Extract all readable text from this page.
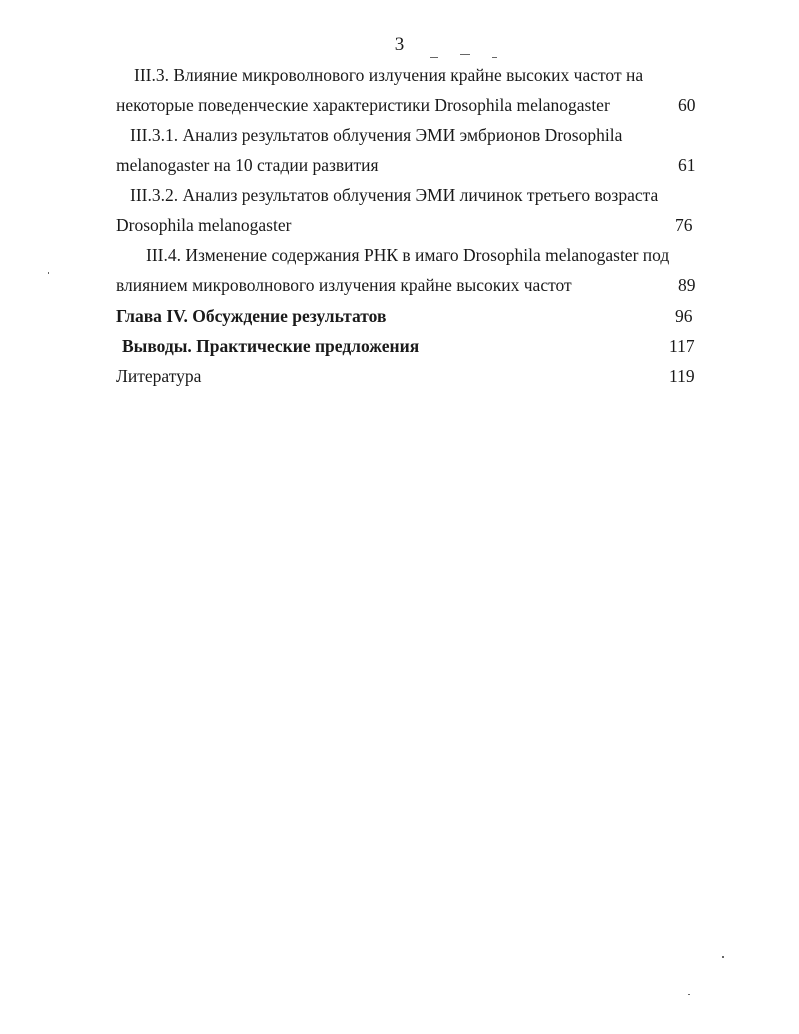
3
III.3. Влияние микроволнового излучения крайне высоких частот на
некоторые поведенческие характеристики Drosophila melanogaster	60
III.3.1. Анализ результатов облучения ЭМИ эмбрионов Drosophila
melanogaster на 10 стадии развития	61
III.3.2. Анализ результатов облучения ЭМИ личинок третьего возраста
Drosophila melanogaster	76
III.4. Изменение содержания РНК в имаго Drosophila melanogaster под
влиянием микроволнового излучения крайне высоких частот	89
Глава IV. Обсуждение результатов	96
Выводы. Практические предложения	117
Литература	119
